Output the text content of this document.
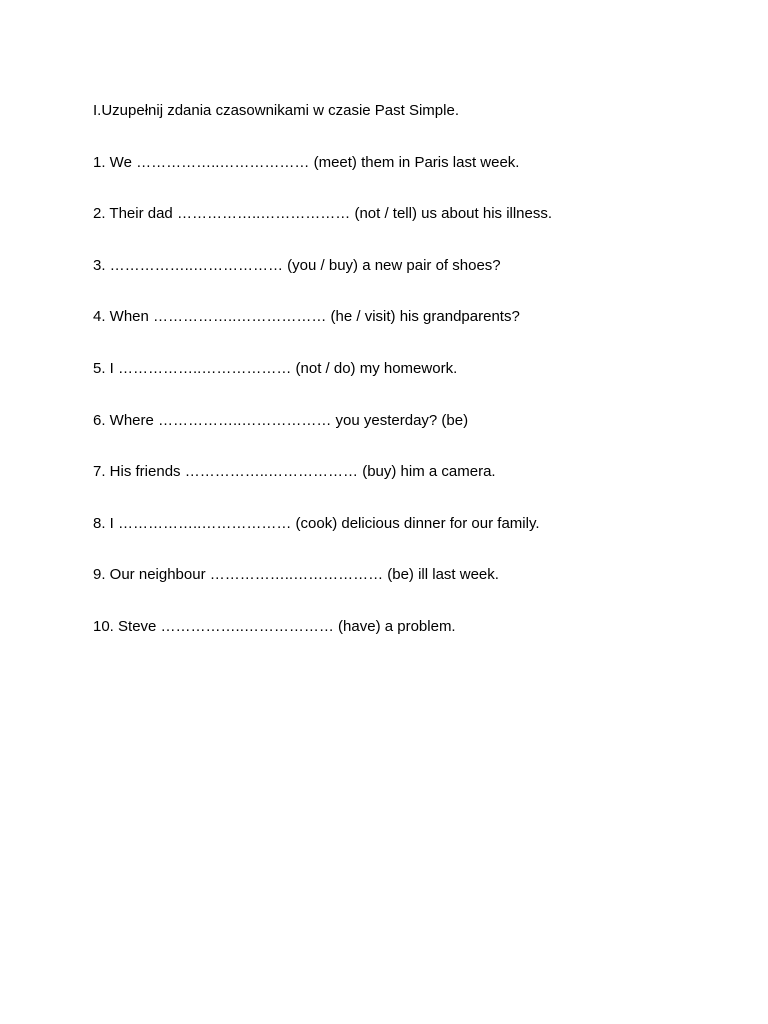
I.Uzupełnij zdania czasownikami w czasie Past Simple.
1. We ……………..……………… (meet) them in Paris last week.
2. Their dad ……………..……………… (not / tell) us about his illness.
3. ……………..……………… (you / buy) a new pair of shoes?
4. When ……………..……………… (he / visit) his grandparents?
5. I ……………..……………… (not / do) my homework.
6. Where ……………..……………… you yesterday? (be)
7. His friends ……………..……………… (buy) him a camera.
8. I ……………..……………… (cook) delicious dinner for our family.
9. Our neighbour ……………..……………… (be) ill last week.
10. Steve ……………..……………… (have) a problem.
